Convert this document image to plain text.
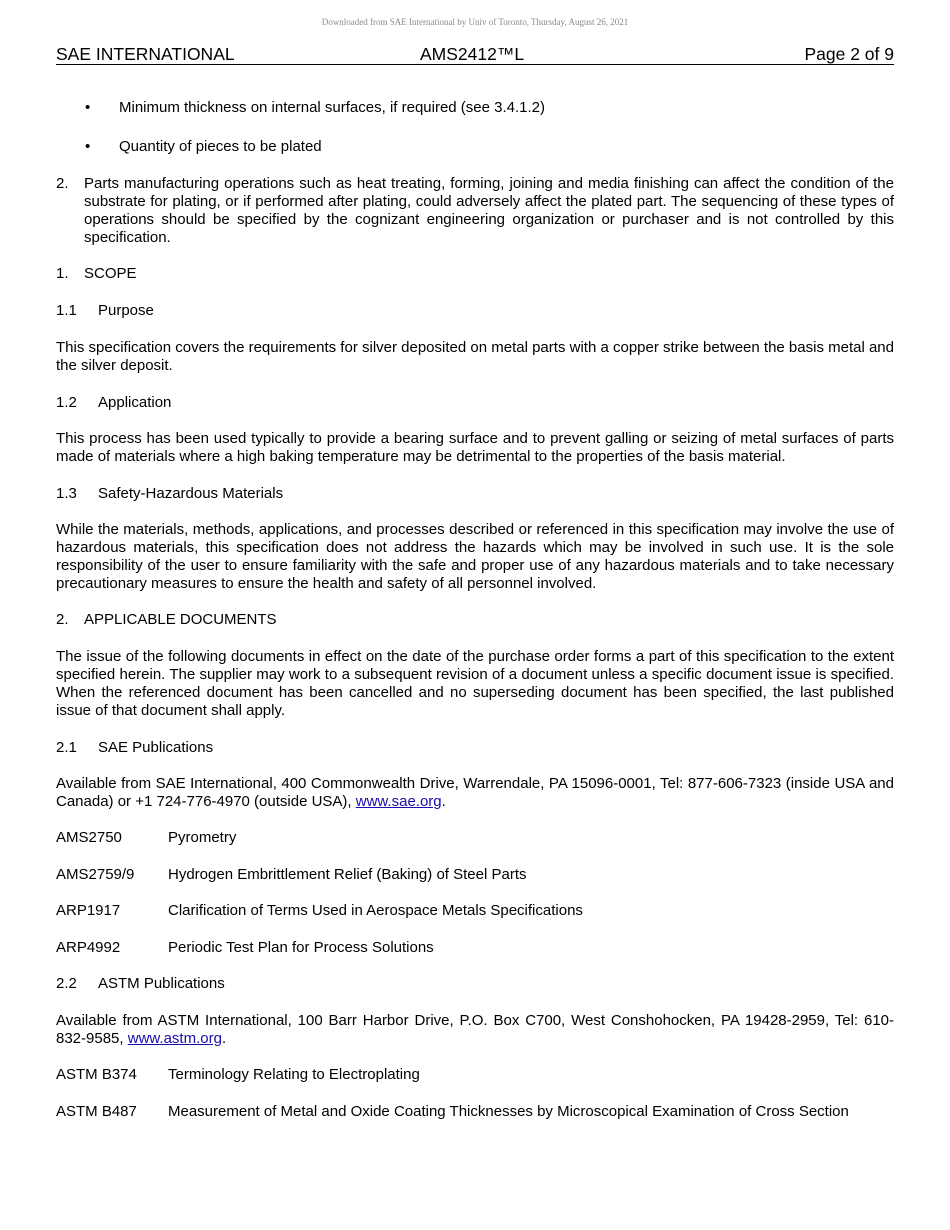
Downloaded from SAE International by Univ of Toronto, Thursday, August 26, 2021
SAE INTERNATIONAL	AMS2412™L	Page 2 of 9
• Minimum thickness on internal surfaces, if required (see 3.4.1.2)
• Quantity of pieces to be plated
2. Parts manufacturing operations such as heat treating, forming, joining and media finishing can affect the condition of the substrate for plating, or if performed after plating, could adversely affect the plated part. The sequencing of these types of operations should be specified by the cognizant engineering organization or purchaser and is not controlled by this specification.
1. SCOPE
1.1 Purpose
This specification covers the requirements for silver deposited on metal parts with a copper strike between the basis metal and the silver deposit.
1.2 Application
This process has been used typically to provide a bearing surface and to prevent galling or seizing of metal surfaces of parts made of materials where a high baking temperature may be detrimental to the properties of the basis material.
1.3 Safety-Hazardous Materials
While the materials, methods, applications, and processes described or referenced in this specification may involve the use of hazardous materials, this specification does not address the hazards which may be involved in such use. It is the sole responsibility of the user to ensure familiarity with the safe and proper use of any hazardous materials and to take necessary precautionary measures to ensure the health and safety of all personnel involved.
2. APPLICABLE DOCUMENTS
The issue of the following documents in effect on the date of the purchase order forms a part of this specification to the extent specified herein. The supplier may work to a subsequent revision of a document unless a specific document issue is specified. When the referenced document has been cancelled and no superseding document has been specified, the last published issue of that document shall apply.
2.1 SAE Publications
Available from SAE International, 400 Commonwealth Drive, Warrendale, PA 15096-0001, Tel: 877-606-7323 (inside USA and Canada) or +1 724-776-4970 (outside USA), www.sae.org.
AMS2750	Pyrometry
AMS2759/9 Hydrogen Embrittlement Relief (Baking) of Steel Parts
ARP1917	Clarification of Terms Used in Aerospace Metals Specifications
ARP4992	Periodic Test Plan for Process Solutions
2.2 ASTM Publications
Available from ASTM International, 100 Barr Harbor Drive, P.O. Box C700, West Conshohocken, PA 19428-2959, Tel: 610-832-9585, www.astm.org.
ASTM B374 Terminology Relating to Electroplating
ASTM B487 Measurement of Metal and Oxide Coating Thicknesses by Microscopical Examination of Cross Section
